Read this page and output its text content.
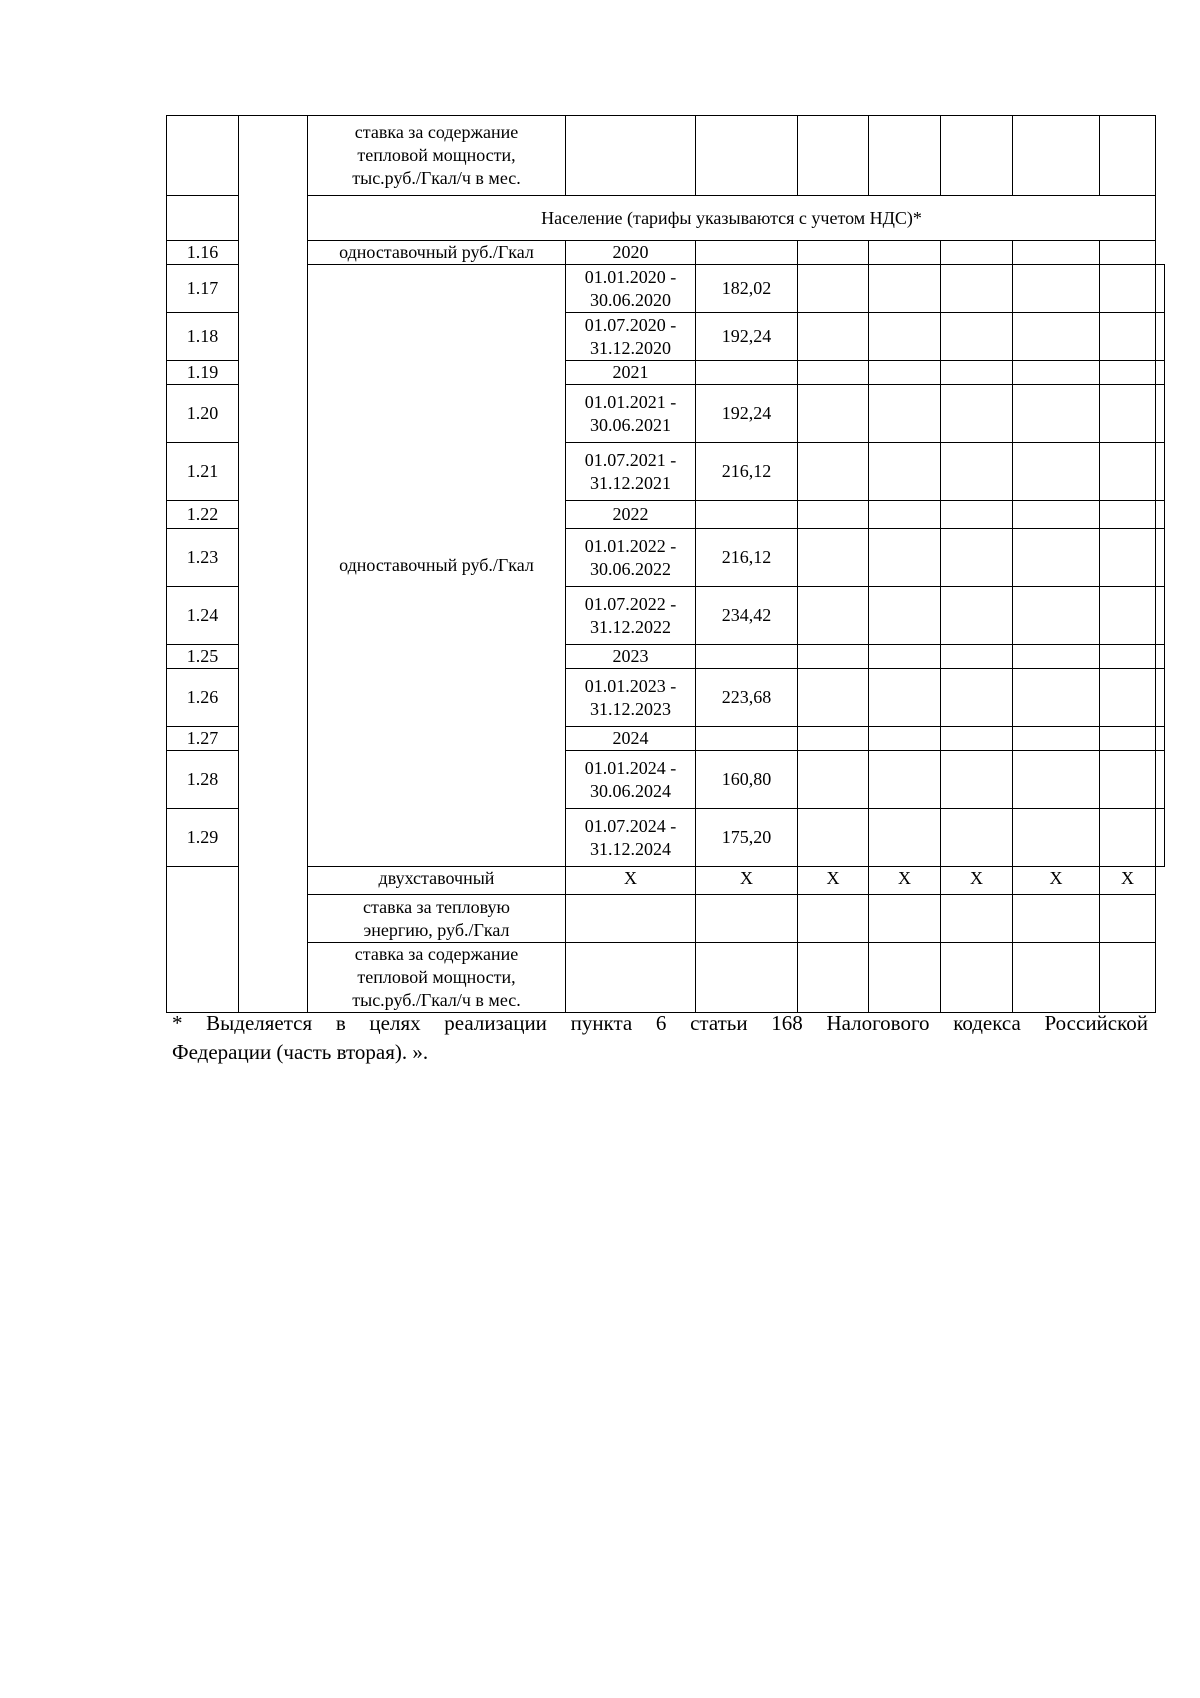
		ставка за содержание
тепловой мощности,
тыс.руб./Гкал/ч в мес.								

		Население (тарифы указываются с учетом НДС)*								
1.16		одноставочный руб./Гкал	2020							
1.17		одноставочный руб./Гкал	01.01.2020 -
30.06.2020	182,02						
1.18			01.07.2020 -
31.12.2020	192,24						
1.19			2021							
1.20			01.01.2021 -
30.06.2021	192,24						
1.21			01.07.2021 -
31.12.2021	216,12						
1.22			2022							
1.23			01.01.2022 -
30.06.2022	216,12						
1.24			01.07.2022 -
31.12.2022	234,42						
1.25			2023							
1.26			01.01.2023 -
31.12.2023	223,68						
1.27			2024							
1.28			01.01.2024 -
30.06.2024	160,80						
1.29			01.07.2024 -
31.12.2024	175,20						
		двухставочный	X	X	X	X	X	X	X	

		ставка за тепловую
энергию, руб./Гкал								

		ставка за содержание
тепловой мощности,
тыс.руб./Гкал/ч в мес.								

* Выделяется в целях реализации пункта 6 статьи 168 Налогового кодекса Российской
Федерации (часть вторая). ».
